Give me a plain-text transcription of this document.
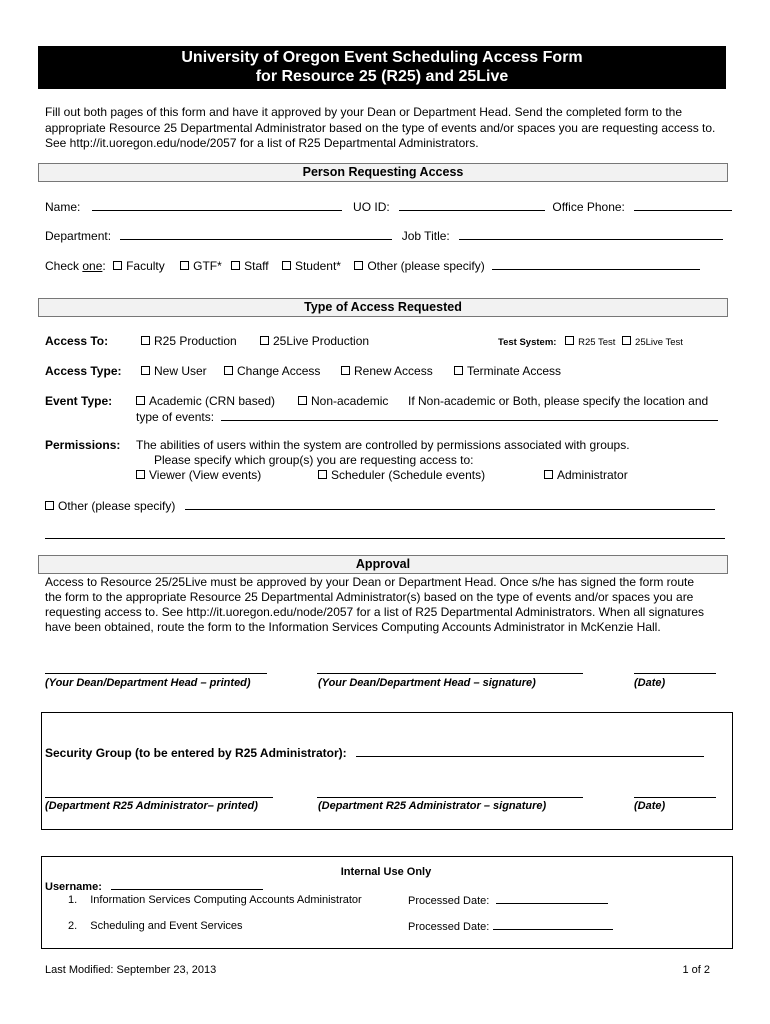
University of Oregon Event Scheduling Access Form
for Resource 25 (R25) and 25Live
Fill out both pages of this form and have it approved by your Dean or Department Head. Send the completed form to the appropriate Resource 25 Departmental Administrator based on the type of events and/or spaces you are requesting access to. See http://it.uoregon.edu/node/2057 for a list of R25 Departmental Administrators.
Person Requesting Access
Name:	UO ID:	Office Phone:
Department:	Job Title:
Check one: Faculty GTF* Staff Student* Other (please specify)
Type of Access Requested
Access To:	R25 Production	25Live Production	Test System: R25 Test 25Live Test
Access Type:	New User	Change Access	Renew Access	Terminate Access
Event Type:	Academic (CRN based)	Non-academic If Non-academic or Both, please specify the location and
type of events:
Permissions: The abilities of users within the system are controlled by permissions associated with groups.
Please specify which group(s) you are requesting access to:
Viewer (View events)	Scheduler (Schedule events)	Administrator
Other (please specify)
Approval
Access to Resource 25/25Live must be approved by your Dean or Department Head. Once s/he has signed the form route the form to the appropriate Resource 25 Departmental Administrator(s) based on the type of events and/or spaces you are requesting access to. See http://it.uoregon.edu/node/2057 for a list of R25 Departmental Administrators. When all signatures have been obtained, route the form to the Information Services Computing Accounts Administrator in McKenzie Hall.
(Your Dean/Department Head – printed)	(Your Dean/Department Head – signature)	(Date)
Security Group (to be entered by R25 Administrator):
(Department R25 Administrator– printed)	(Department R25 Administrator – signature)	(Date)
Internal Use Only
Username:
1. Information Services Computing Accounts Administrator	Processed Date:
2. Scheduling and Event Services	Processed Date:
Last Modified: September 23, 2013	1 of 2
